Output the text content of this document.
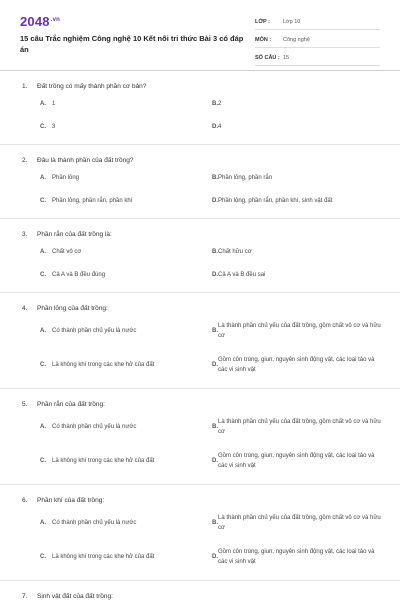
$2048^{.vn}$
15 câu Trắc nghiệm Công nghệ 10 Kết nối tri thức Bài 3 có đáp án
LỚP :	Lớp 10
MÔN :	Công nghệ
SỐ CÂU : 15
1.	Đất trồng có mấy thành phần cơ bản?
A.	1	B. 2
C.	3	D. 4
2.	Đâu là thành phần của đất trồng?
A.	Phần lỏng	B. Phần lỏng, phần rắn
C.	Phần lỏng, phần rắn, phần khí	D. Phần lỏng, phần rắn, phần khí, sinh vật đất
3.	Phần rắn của đất trồng là:
A.	Chất vô cơ	B. Chất hữu cơ
C.	Cả A và B đều đúng	D. Cả A và B đều sai
4.	Phần lỏng của đất trồng:
A.	Có thành phần chủ yếu là nước	B.
Là thành phần chủ yếu của đất trồng, gồm chất vô cơ và hữu cơ
C.	Là không khí trong các khe hở của đất	D.
Gồm côn trùng, giun, nguyên sinh động vật, các loại tảo và các vi sinh vật
5.	Phần rắn của đất trồng:
A.	Có thành phần chủ yếu là nước	B.
Là thành phần chủ yếu của đất trồng, gồm chất vô cơ và hữu cơ
C.	Là không khí trong các khe hở của đất	D.
Gồm côn trùng, giun, nguyên sinh động vật, các loại tảo và các vi sinh vật
6.	Phần khí của đất trồng:
A.	Có thành phần chủ yếu là nước	B.
Là thành phần chủ yếu của đất trồng, gồm chất vô cơ và hữu cơ
C.	Là không khí trong các khe hở của đất	D.
Gồm côn trùng, giun, nguyên sinh động vật, các loại tảo và các vi sinh vật
7.	Sinh vật đất của đất trồng:
